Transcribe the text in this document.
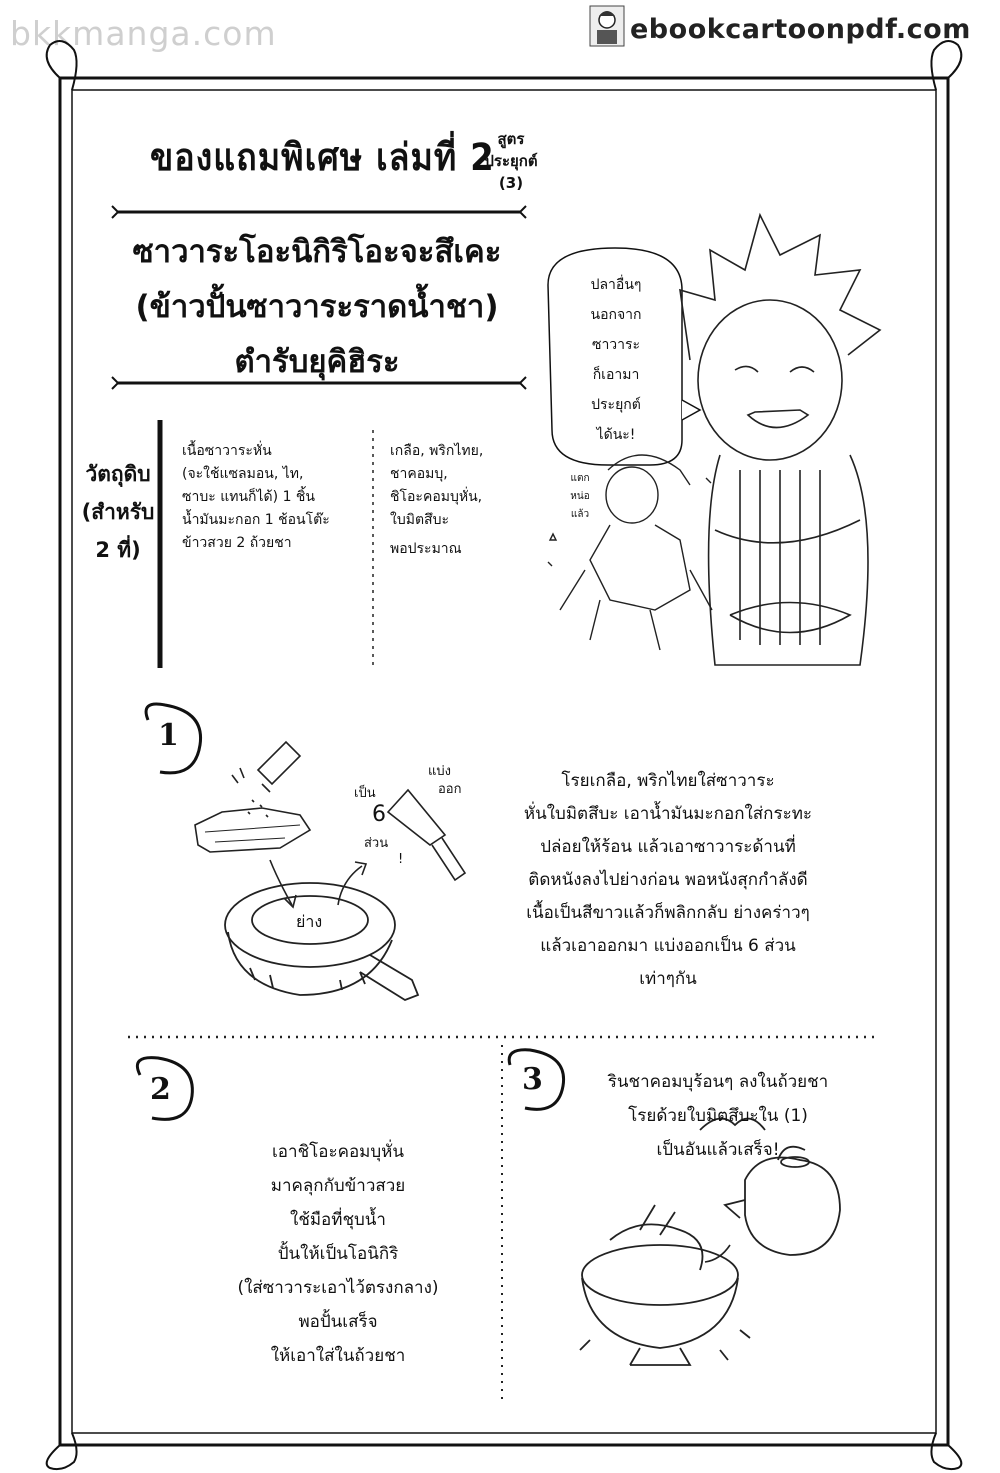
bkkmanga.com	ebookcartoonpdf.com
ของแถมพิเศษ เล่มที่ 2 สูตรประยุกต์
(3)
ซาวาระโอะนิกิริโอะจะสึเคะ
(ข้าวปั้นซาวาระราดน้ำชา)
ตำรับยุคิฮิระ
วัตถุดิบ
(สำหรับ
2 ที่)
เนื้อซาวาระหั่น
(จะใช้แซลมอน, ไท,
ซาบะ แทนก็ได้) 1 ชิ้น
น้ำมันมะกอก 1 ช้อนโต๊ะ
ข้าวสวย 2 ถ้วยชา
เกลือ, พริกไทย,
ชาคอมบุ,
ชิโอะคอมบุหั่น,
ใบมิตสึบะ
พอประมาณ
ปลาอื่นๆ
นอกจาก
ซาวาระ
ก็เอามา
ประยุกต์
ได้นะ!
แตก
หน่อ
แล้ว
1
2	3
ย่าง
แบ่ง
ออก
เป็น
6
ส่วน
!
โรยเกลือ, พริกไทยใส่ซาวาระ
หั่นใบมิตสึบะ เอาน้ำมันมะกอกใส่กระทะ
ปล่อยให้ร้อน แล้วเอาซาวาระด้านที่
ติดหนังลงไปย่างก่อน พอหนังสุกกำลังดี
เนื้อเป็นสีขาวแล้วก็พลิกกลับ ย่างคร่าวๆ
แล้วเอาออกมา แบ่งออกเป็น 6 ส่วน
เท่าๆกัน
เอาชิโอะคอมบุหั่น
มาคลุกกับข้าวสวย
ใช้มือที่ชุบน้ำ
ปั้นให้เป็นโอนิกิริ
(ใส่ซาวาระเอาไว้ตรงกลาง)
พอปั้นเสร็จ
ให้เอาใส่ในถ้วยชา
รินชาคอมบุร้อนๆ ลงในถ้วยชา
โรยด้วยใบมิตสึบะใน (1)
เป็นอันแล้วเสร็จ!
